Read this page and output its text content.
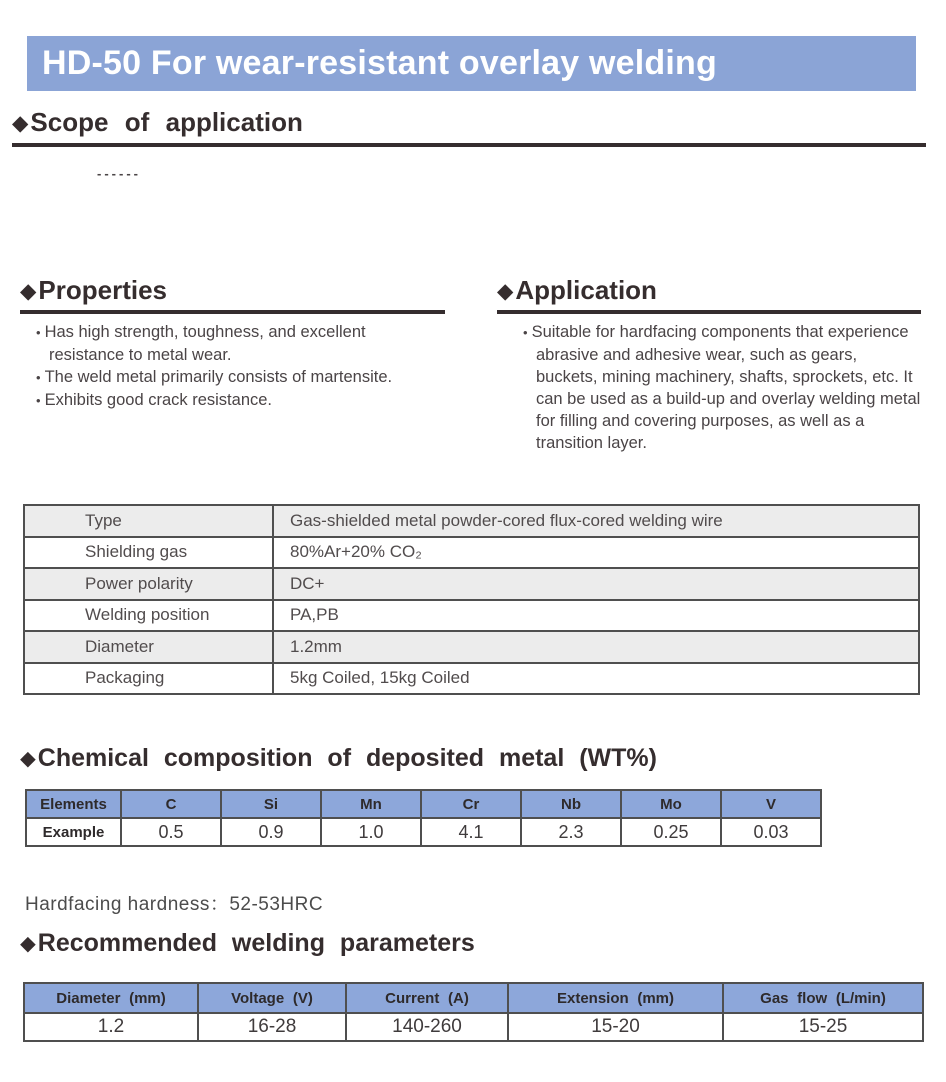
HD-50 For wear-resistant overlay welding
◆Scope of application
------
◆Properties
• Has high strength, toughness, and excellent resistance to metal wear.
• The weld metal primarily consists of martensite.
• Exhibits good crack resistance.
◆Application
• Suitable for hardfacing components that experience abrasive and adhesive wear, such as gears, buckets, mining machinery, shafts, sprockets, etc. It can be used as a build-up and overlay welding metal for filling and covering purposes, as well as a transition layer.
Type	Gas-shielded metal powder-cored flux-cored welding wire
Shielding gas	80%Ar+20% CO₂
Power polarity	DC+
Welding position	PA,PB
Diameter	1.2mm
Packaging	5kg Coiled, 15kg Coiled
◆Chemical composition of deposited metal (WT%)
Elements	C	Si	Mn	Cr	Nb	Mo	V
Example	0.5	0.9	1.0	4.1	2.3	0.25	0.03
Hardfacing hardness：52-53HRC
◆Recommended welding parameters
Diameter (mm)	Voltage (V)	Current (A)	Extension (mm)	Gas flow (L/min)
1.2	16-28	140-260	15-20	15-25
